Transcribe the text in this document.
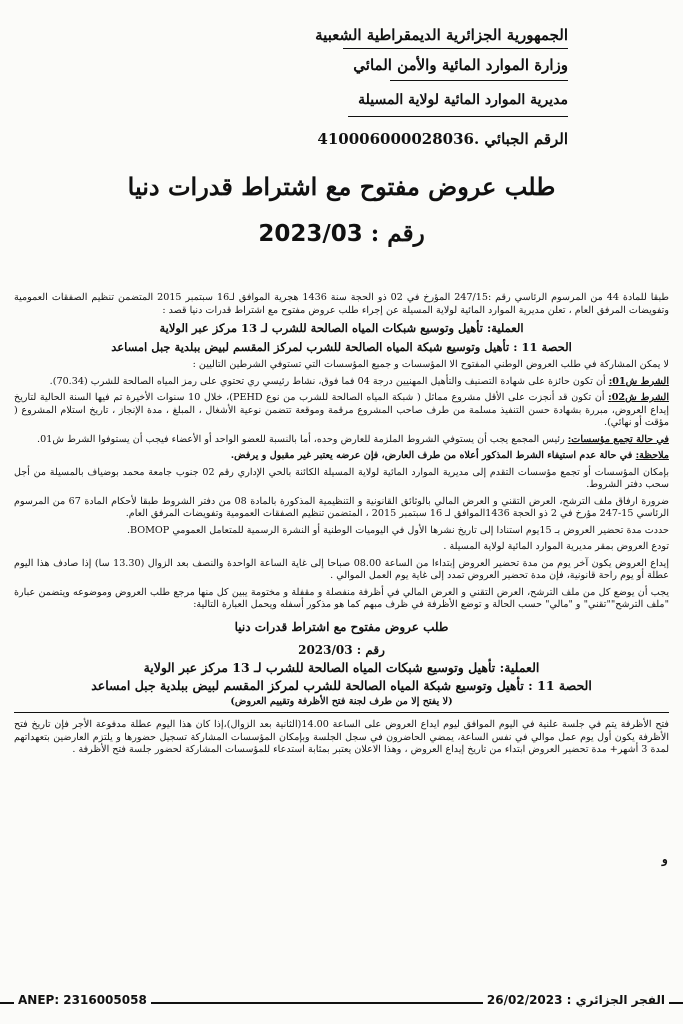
الجمهورية الجزائرية الديمقراطية الشعبية
وزارة الموارد المائية والأمن المائي
مديرية الموارد المائية لولاية المسيلة
الرقم الجبائي .410006000028036
طلب عروض مفتوح مع اشتراط قدرات دنيا
رقم : 2023/03

طبقا للمادة 44 من المرسوم الرئاسي رقم :247/15 المؤرخ في 02 ذو الحجة سنة 1436 هجرية الموافق لـ16 سبتمبر 2015 المتضمن تنظيم الصفقات العمومية وتفويضات المرفق العام ، تعلن مديرية الموارد المائية لولاية المسيلة عن إجراء طلب عروض مفتوح مع اشتراط قدرات دنيا قصد :

العملية: تأهيل وتوسيع شبكات المياه الصالحة للشرب لـ 13 مركز عبر الولاية

الحصة 11 : تأهيل وتوسيع شبكة المياه الصالحة للشرب لمركز المقسم لبيض ببلدية جبل امساعد

لا يمكن المشاركة في طلب العروض الوطني المفتوح الا المؤسسات و جميع المؤسسات التي تستوفي الشرطين التاليين :

الشرط ش01: أن تكون حائزة على شهادة التصنيف والتأهيل المهنيين درجة 04 فما فوق، نشاط رئيسي ري تحتوي على رمز المياه الصالحة للشرب (70.34).

الشرط ش02: أن تكون قد أنجزت على الأقل مشروع مماثل ( شبكة المياه الصالحة للشرب من نوع PEHD)، خلال 10 سنوات الأخيرة تم فيها السنة الحالية لتاريخ إيداع العروض، مبررة بشهادة حسن التنفيذ مسلمة من طرف صاحب المشروع مرقمة وموقعة تتضمن نوعية الأشغال ، المبلغ ، مدة الإنجاز ، تاريخ استلام المشروع ( مؤقت أو نهائي).

في حالة تجمع مؤسسات: رئيس المجمع يجب أن يستوفي الشروط الملزمة للعارض وحده، أما بالنسبة للعضو الواحد أو الأعضاء فيجب أن يستوفوا الشرط ش01.

ملاحظة: في حالة عدم استيفاء الشرط المذكور أعلاه من طرف العارض، فإن عرضه يعتبر غير مقبول و يرفض.

بإمكان المؤسسات أو تجمع مؤسسات التقدم إلى مديرية الموارد المائية لولاية المسيلة الكائنة بالحي الإداري رقم 02 جنوب جامعة محمد بوضياف بالمسيلة من أجل سحب دفتر الشروط.

ضرورة ارفاق ملف الترشح، العرض التقني و العرض المالي بالوثائق القانونية و التنظيمية المذكورة بالمادة 08 من دفتر الشروط طبقا لأحكام المادة 67 من المرسوم الرئاسي 15-247 مؤرخ في 2 ذو الحجة 1436الموافق لـ 16 سبتمبر 2015 ، المتضمن تنظيم الصفقات العمومية وتفويضات المرفق العام.

حددت مدة تحضير العروض بـ 15يوم استنادا إلى تاريخ نشرها الأول في اليوميات الوطنية أو النشرة الرسمية للمتعامل العمومي BOMOP.

تودع العروض بمقر مديرية الموارد المائية لولاية المسيلة .

إيداع العروض يكون آخر يوم من مدة تحضير العروض إبتداءا من الساعة 08.00 صباحا إلى غاية الساعة الواحدة والنصف بعد الزوال (13.30 سا) إذا صادف هذا اليوم عطلة أو يوم راحة قانونية، فإن مدة تحضير العروض تمدد إلى غاية يوم العمل الموالي .

يجب أن يوضع كل من ملف الترشح، العرض التقني و العرض المالي في أظرفة منفصلة و مقفلة و مختومة يبين كل منها مرجع طلب العروض وموضوعه ويتضمن عبارة "ملف الترشح""تقني" و "مالي" حسب الحالة و توضع الأظرفة في ظرف مبهم كما هو مذكور أسفله ويحمل العبارة التالية:

طلب عروض مفتوح مع اشتراط قدرات دنيا

رقم : 2023/03

العملية: تأهيل وتوسيع شبكات المياه الصالحة للشرب لـ 13 مركز عبر الولاية

الحصة 11 : تأهيل وتوسيع شبكة المياه الصالحة للشرب لمركز المقسم لبيض ببلدية جبل امساعد

(لا يفتح إلا من طرف لجنة فتح الأظرفة وتقييم العروض)

فتح الأظرفة يتم في جلسة علنية في اليوم الموافق ليوم ايداع العروض على الساعة 14.00(الثانية بعد الزوال)،إذا كان هذا اليوم عطلة مدفوعة الأجر فإن تاريخ فتح الأظرفة يكون أول يوم عمل موالي في نفس الساعة، يمضي الحاضرون في سجل الجلسة وبإمكان المؤسسات المشاركة تسجيل حضورها و يلتزم العارضين بتعهداتهم لمدة 3 أشهر+ مدة تحضير العروض ابتداء من تاريخ إيداع العروض ، وهذا الاعلان يعتبر بمثابة استدعاء للمؤسسات المشاركة لحضور جلسة فتح الأظرفة .

و
ANEP: 2316005058	الفجر الجزائري : 26/02/2023
